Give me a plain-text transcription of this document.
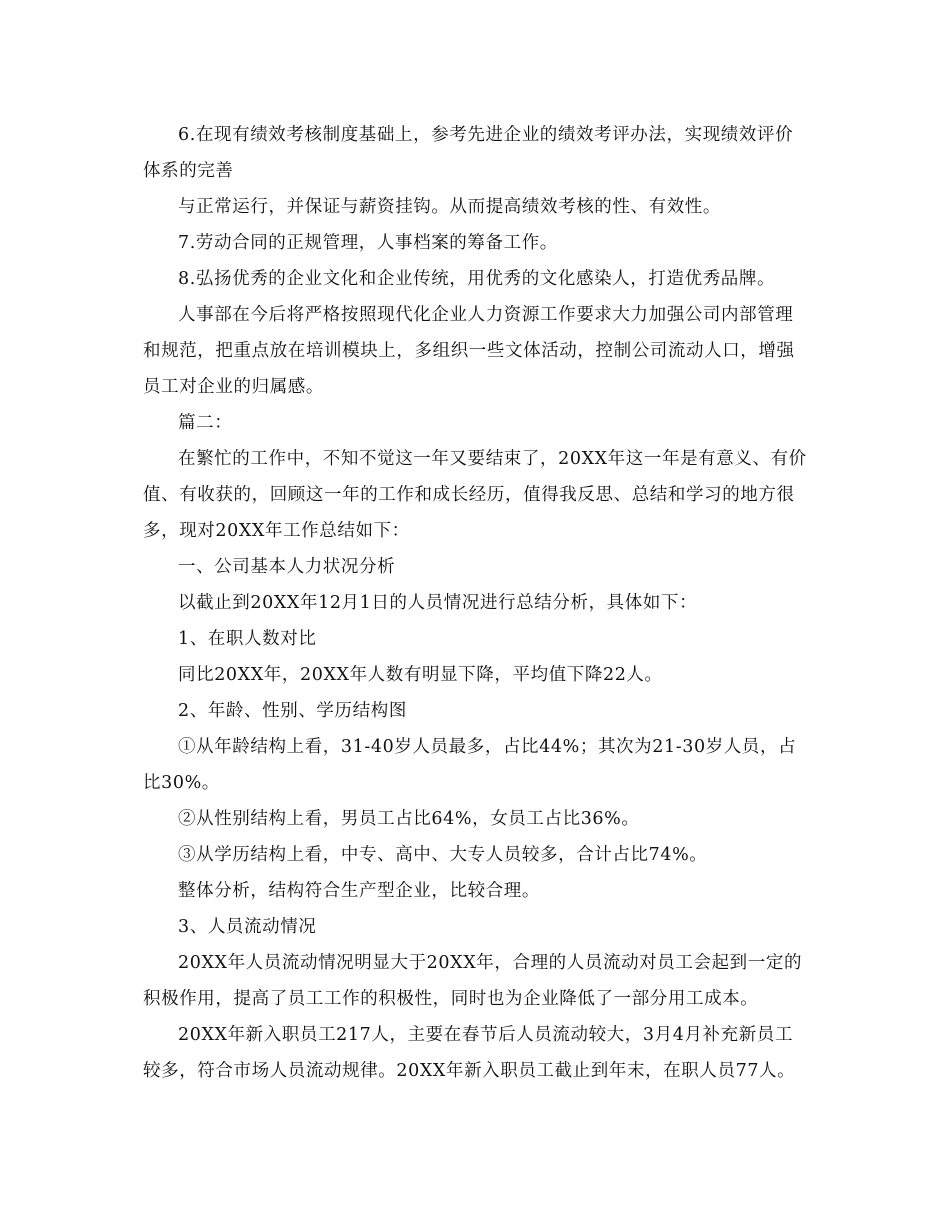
6.在现有绩效考核制度基础上，参考先进企业的绩效考评办法，实现绩效评价体系的完善

与正常运行，并保证与薪资挂钩。从而提高绩效考核的性、有效性。

7.劳动合同的正规管理，人事档案的筹备工作。

8.弘扬优秀的企业文化和企业传统，用优秀的文化感染人，打造优秀品牌。

人事部在今后将严格按照现代化企业人力资源工作要求大力加强公司内部管理和规范，把重点放在培训模块上，多组织一些文体活动，控制公司流动人口，增强员工对企业的归属感。

篇二：

在繁忙的工作中，不知不觉这一年又要结束了，20XX年这一年是有意义、有价值、有收获的，回顾这一年的工作和成长经历，值得我反思、总结和学习的地方很多，现对20XX年工作总结如下：

一、公司基本人力状况分析

以截止到20XX年12月1日的人员情况进行总结分析，具体如下：

1、在职人数对比

同比20XX年，20XX年人数有明显下降，平均值下降22人。

2、年龄、性别、学历结构图

①从年龄结构上看，31-40岁人员最多，占比44%；其次为21-30岁人员，占比30%。

②从性别结构上看，男员工占比64%，女员工占比36%。

③从学历结构上看，中专、高中、大专人员较多，合计占比74%。

整体分析，结构符合生产型企业，比较合理。

3、人员流动情况

20XX年人员流动情况明显大于20XX年，合理的人员流动对员工会起到一定的积极作用，提高了员工工作的积极性，同时也为企业降低了一部分用工成本。

20XX年新入职员工217人，主要在春节后人员流动较大，3月4月补充新员工较多，符合市场人员流动规律。20XX年新入职员工截止到年末，在职人员77人。
